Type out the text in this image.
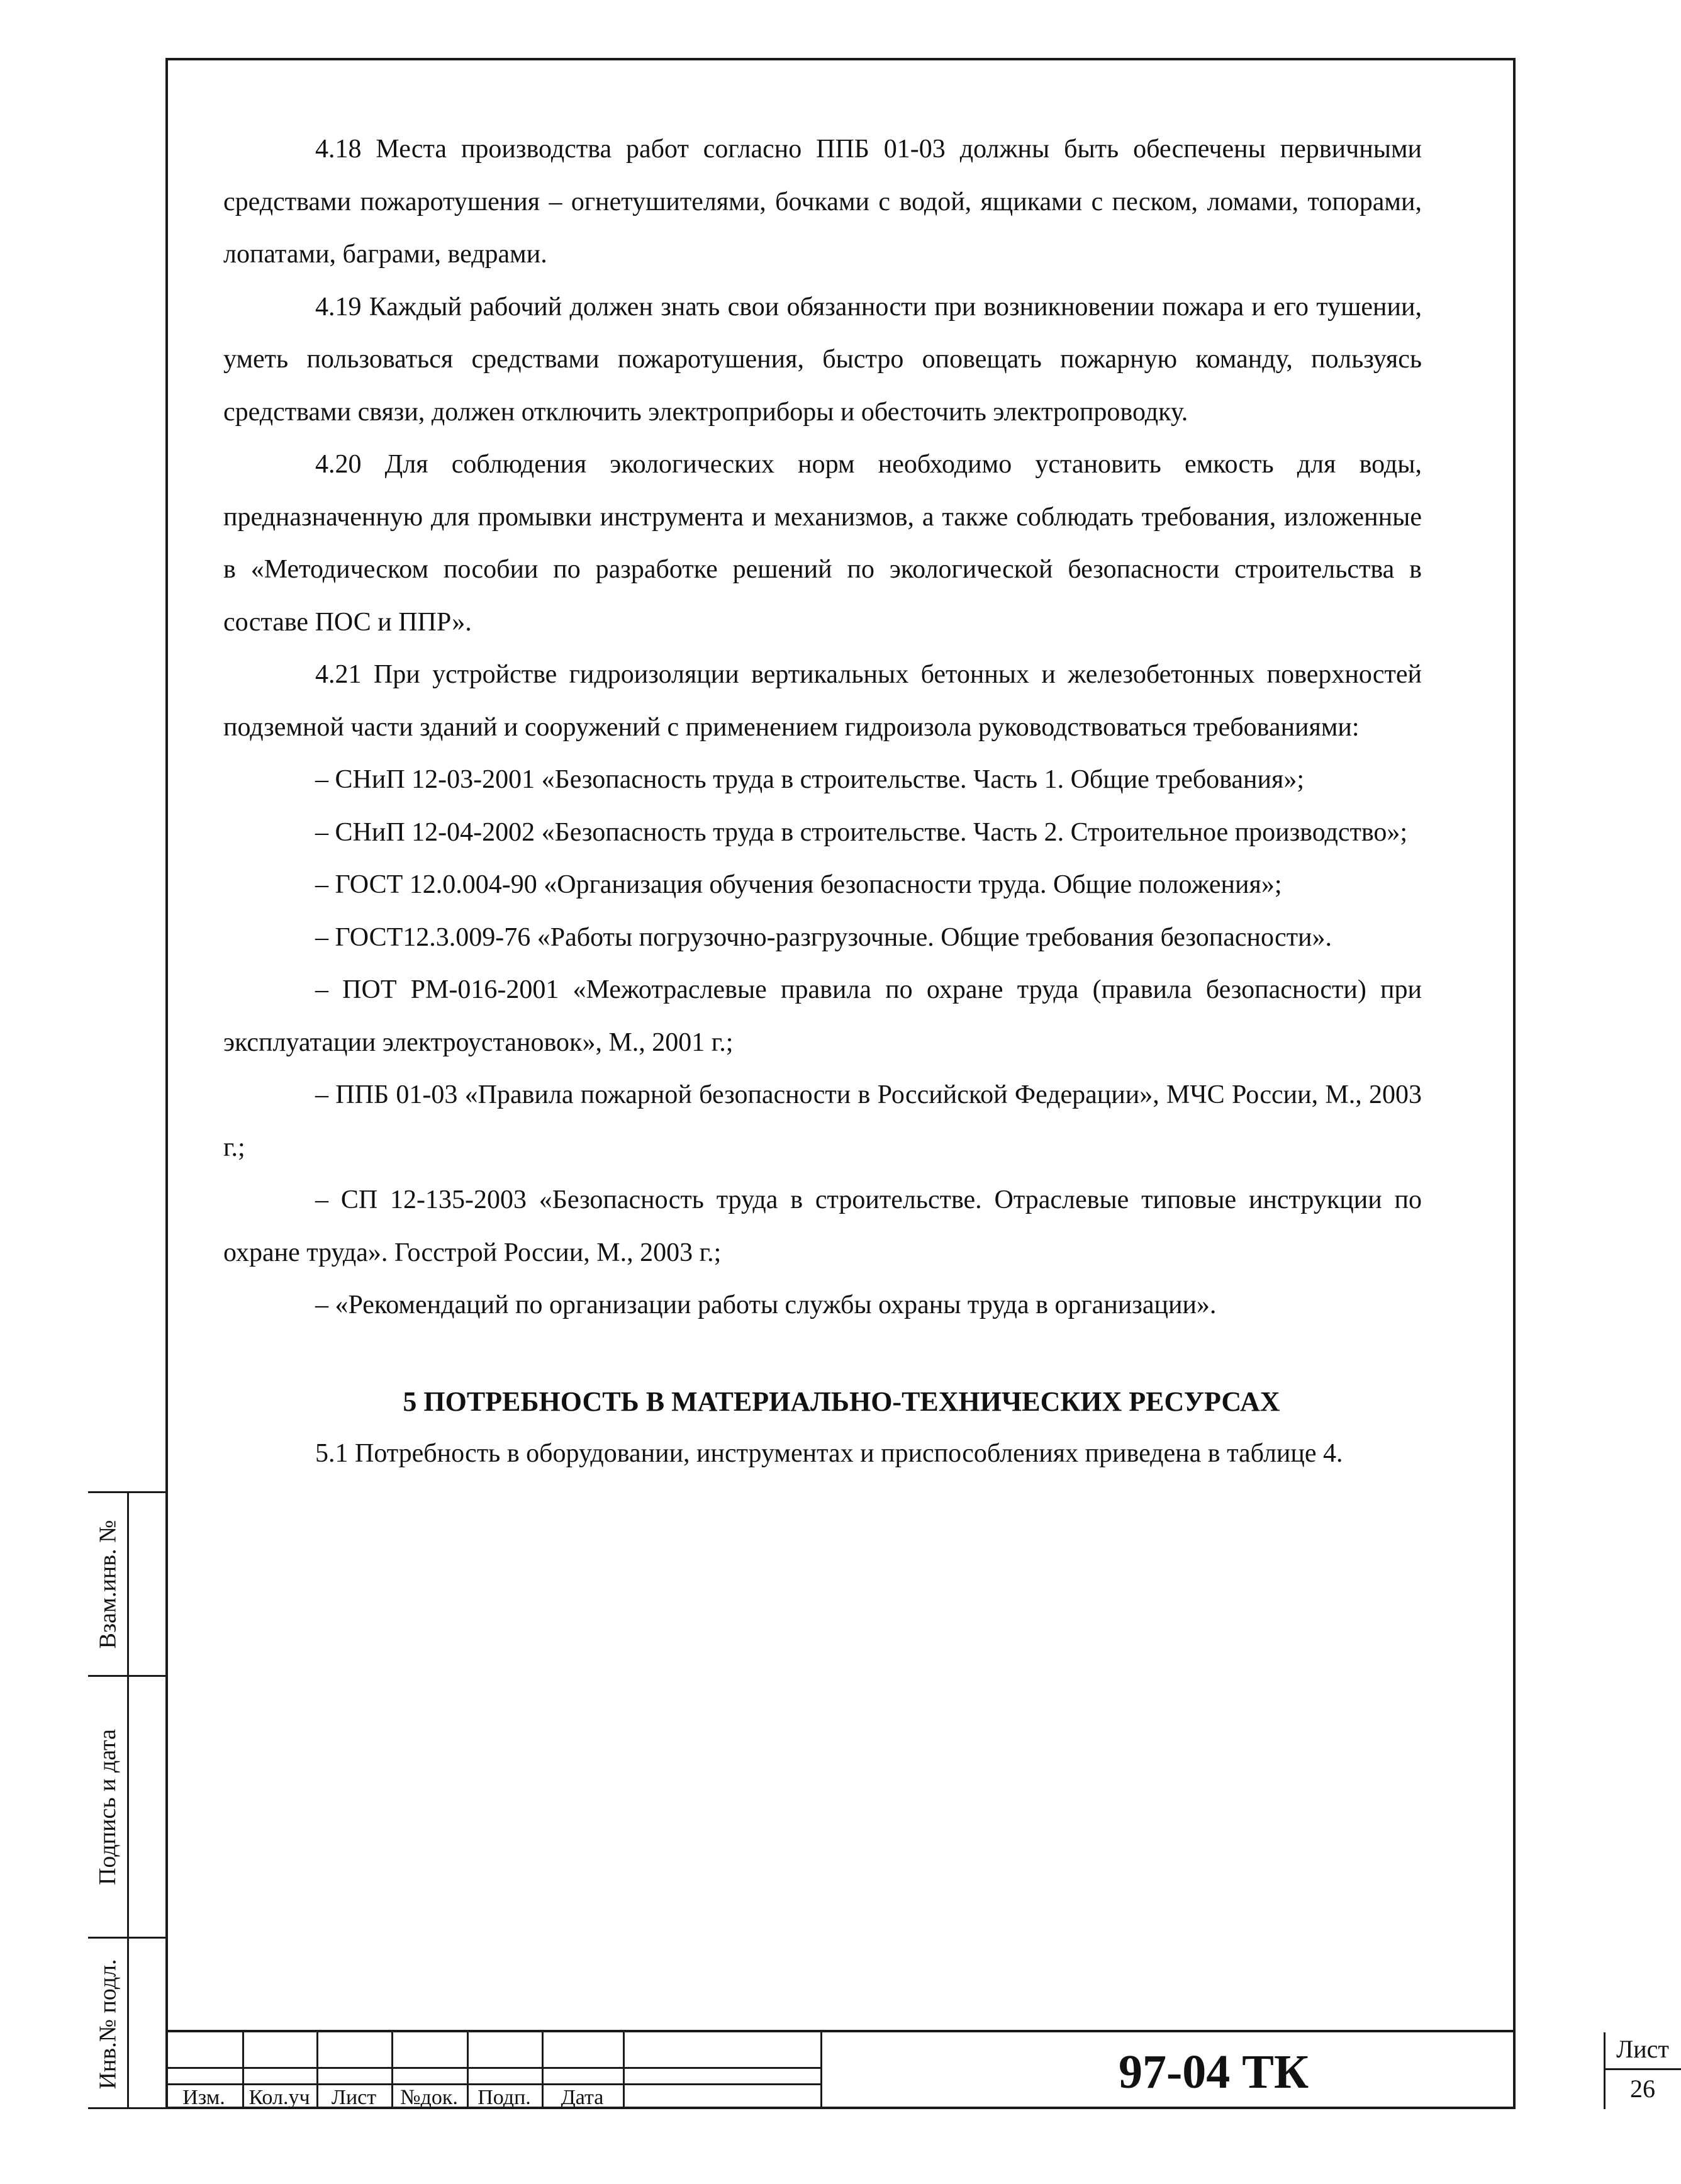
4.18 Места производства работ согласно ППБ 01-03 должны быть обеспечены первичными средствами пожаротушения – огнетушителями, бочками с водой, ящиками с песком, ломами, топорами, лопатами, баграми, ведрами.

4.19 Каждый рабочий должен знать свои обязанности при возникновении пожара и его тушении, уметь пользоваться средствами пожаротушения, быстро оповещать пожарную команду, пользуясь средствами связи, должен отключить электроприборы и обесточить электропроводку.

4.20 Для соблюдения экологических норм необходимо установить емкость для воды, предназначенную для промывки инструмента и механизмов, а также соблюдать требования, изложенные в «Методическом пособии по разработке решений по экологической безопасности строительства в составе ПОС и ППР».

4.21 При устройстве гидроизоляции вертикальных бетонных и железобетонных поверхностей подземной части зданий и сооружений с применением гидроизола руководствоваться требованиями:

– СНиП 12-03-2001 «Безопасность труда в строительстве. Часть 1. Общие требования»;

– СНиП 12-04-2002 «Безопасность труда в строительстве. Часть 2. Строительное производство»;

– ГОСТ 12.0.004-90 «Организация обучения безопасности труда. Общие положения»;

– ГОСТ12.3.009-76 «Работы погрузочно-разгрузочные. Общие требования безопасности».

– ПОТ РМ-016-2001 «Межотраслевые правила по охране труда (правила безопасности) при эксплуатации электроустановок», М., 2001 г.;

– ППБ 01-03 «Правила пожарной безопасности в Российской Федерации», МЧС России, М., 2003 г.;

– СП 12-135-2003 «Безопасность труда в строительстве. Отраслевые типовые инструкции по охране труда». Госстрой России, М., 2003 г.;

– «Рекомендаций по организации работы службы охраны труда в организации».

5 ПОТРЕБНОСТЬ В МАТЕРИАЛЬНО-ТЕХНИЧЕСКИХ РЕСУРСАХ

5.1 Потребность в оборудовании, инструментах и приспособлениях приведена в таблице 4.

Взам.инв. №
Подпись и дата
Инв.№ подл.
Изм.	Кол.уч	Лист	№док. Подп.	Дата	97-04 ТК	Лист
26
